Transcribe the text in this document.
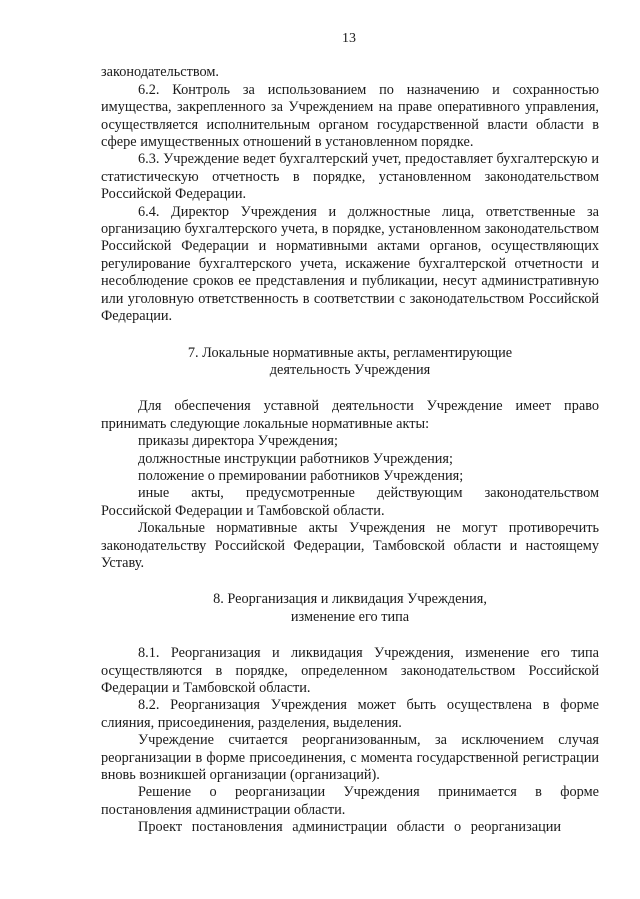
13

законодательством.

6.2. Контроль за использованием по назначению и сохранностью имущества, закрепленного за Учреждением на праве оперативного управления, осуществляется исполнительным органом государственной власти области в сфере имущественных отношений в установленном порядке.

6.3. Учреждение ведет бухгалтерский учет, предоставляет бухгалтерскую и статистическую отчетность в порядке, установленном законодательством Российской Федерации.

6.4. Директор Учреждения и должностные лица, ответственные за организацию бухгалтерского учета, в порядке, установленном законодательством Российской Федерации и нормативными актами органов, осуществляющих регулирование бухгалтерского учета, искажение бухгалтерской отчетности и несоблюдение сроков ее представления и публикации, несут административную или уголовную ответственность в соответствии с законодательством Российской Федерации.

7. Локальные нормативные акты, регламентирующие

деятельность Учреждения

Для обеспечения уставной деятельности Учреждение имеет право принимать следующие локальные нормативные акты:

приказы директора Учреждения;

должностные инструкции работников Учреждения;

положение о премировании работников Учреждения;

иные акты, предусмотренные действующим законодательством Российской Федерации и Тамбовской области.

Локальные нормативные акты Учреждения не могут противоречить законодательству Российской Федерации, Тамбовской области и настоящему Уставу.

8. Реорганизация и ликвидация Учреждения,

изменение его типа

8.1. Реорганизация и ликвидация Учреждения, изменение его типа осуществляются в порядке, определенном законодательством Российской Федерации и Тамбовской области.

8.2. Реорганизация Учреждения может быть осуществлена в форме слияния, присоединения, разделения, выделения.

Учреждение считается реорганизованным, за исключением случая реорганизации в форме присоединения, с момента государственной регистрации вновь возникшей организации (организаций).

Решение о реорганизации Учреждения принимается в форме постановления администрации области.

Проект постановления администрации области о реорганизации
